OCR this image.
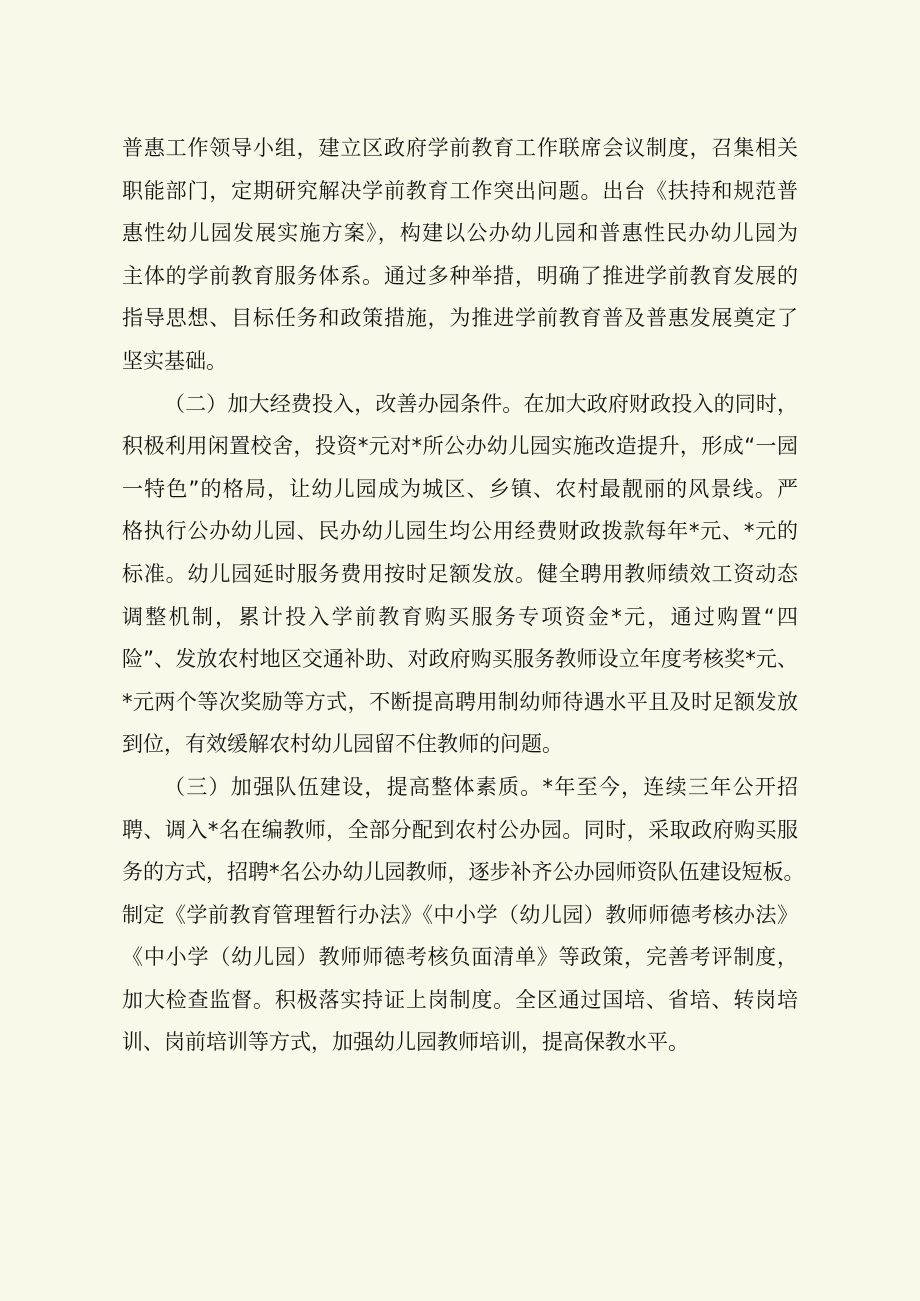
普惠工作领导小组，建立区政府学前教育工作联席会议制度，召集相关
职能部门，定期研究解决学前教育工作突出问题。出台《扶持和规范普
惠性幼儿园发展实施方案》，构建以公办幼儿园和普惠性民办幼儿园为
主体的学前教育服务体系。通过多种举措，明确了推进学前教育发展的
指导思想、目标任务和政策措施，为推进学前教育普及普惠发展奠定了
坚实基础。
（二）加大经费投入，改善办园条件。在加大政府财政投入的同时，
积极利用闲置校舍，投资*元对*所公办幼儿园实施改造提升，形成“一园
一特色”的格局，让幼儿园成为城区、乡镇、农村最靓丽的风景线。严
格执行公办幼儿园、民办幼儿园生均公用经费财政拨款每年*元、*元的
标准。幼儿园延时服务费用按时足额发放。健全聘用教师绩效工资动态
调整机制，累计投入学前教育购买服务专项资金*元，通过购置“四
险”、发放农村地区交通补助、对政府购买服务教师设立年度考核奖*元、
*元两个等次奖励等方式，不断提高聘用制幼师待遇水平且及时足额发放
到位，有效缓解农村幼儿园留不住教师的问题。
（三）加强队伍建设，提高整体素质。*年至今，连续三年公开招
聘、调入*名在编教师，全部分配到农村公办园。同时，采取政府购买服
务的方式，招聘*名公办幼儿园教师，逐步补齐公办园师资队伍建设短板。
制定《学前教育管理暂行办法》《中小学（幼儿园）教师师德考核办法》
《中小学（幼儿园）教师师德考核负面清单》等政策，完善考评制度，
加大检查监督。积极落实持证上岗制度。全区通过国培、省培、转岗培
训、岗前培训等方式，加强幼儿园教师培训，提高保教水平。
